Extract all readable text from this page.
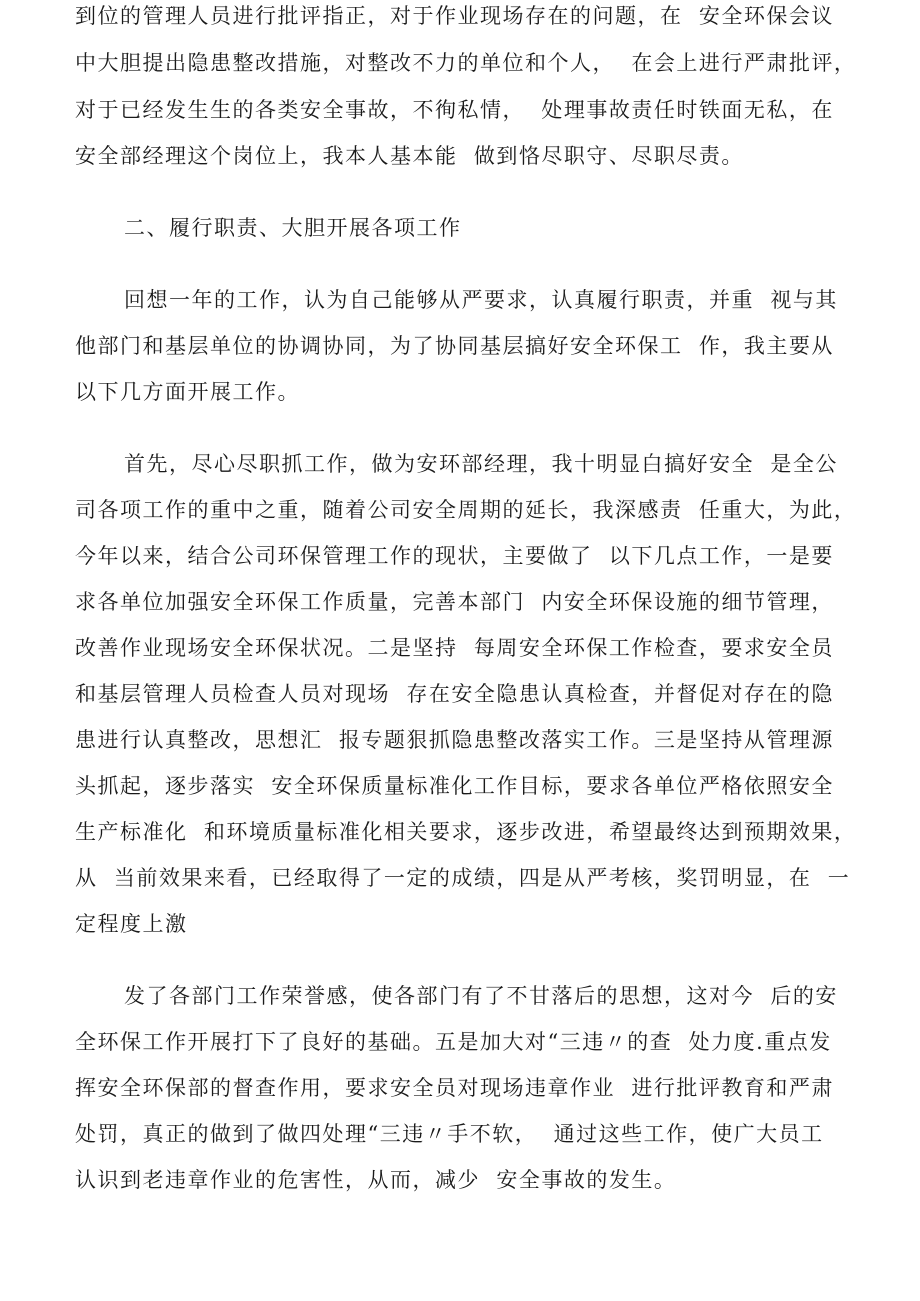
到位的管理人员进行批评指正，对于作业现场存在的问题，在  安全环保会议
中大胆提出隐患整改措施，对整改不力的单位和个人，  在会上进行严肃批评，
对于已经发生生的各类安全事故，不徇私情，  处理事故责任时铁面无私，在
安全部经理这个岗位上，我本人基本能  做到恪尽职守、尽职尽责。
二、履行职责、大胆开展各项工作
回想一年的工作，认为自己能够从严要求，认真履行职责，并重  视与其
他部门和基层单位的协调协同，为了协同基层搞好安全环保工  作，我主要从
以下几方面开展工作。
首先，尽心尽职抓工作，做为安环部经理，我十明显白搞好安全  是全公
司各项工作的重中之重，随着公司安全周期的延长，我深感责  任重大，为此，
今年以来，结合公司环保管理工作的现状，主要做了  以下几点工作，一是要
求各单位加强安全环保工作质量，完善本部门  内安全环保设施的细节管理，
改善作业现场安全环保状况。二是坚持  每周安全环保工作检查，要求安全员
和基层管理人员检查人员对现场  存在安全隐患认真检查，并督促对存在的隐
患进行认真整改，思想汇  报专题狠抓隐患整改落实工作。三是坚持从管理源
头抓起，逐步落实  安全环保质量标准化工作目标，要求各单位严格依照安全
生产标准化  和环境质量标准化相关要求，逐步改进，希望最终达到预期效果，
从  当前效果来看，已经取得了一定的成绩，四是从严考核，奖罚明显，在  一
定程度上激
发了各部门工作荣誉感，使各部门有了不甘落后的思想，这对今  后的安
全环保工作开展打下了良好的基础。五是加大对“三违〃的查  处力度.重点发
挥安全环保部的督查作用，要求安全员对现场违章作业  进行批评教育和严肃
处罚，真正的做到了做四处理“三违〃手不软，  通过这些工作，使广大员工
认识到老违章作业的危害性，从而，减少  安全事故的发生。
